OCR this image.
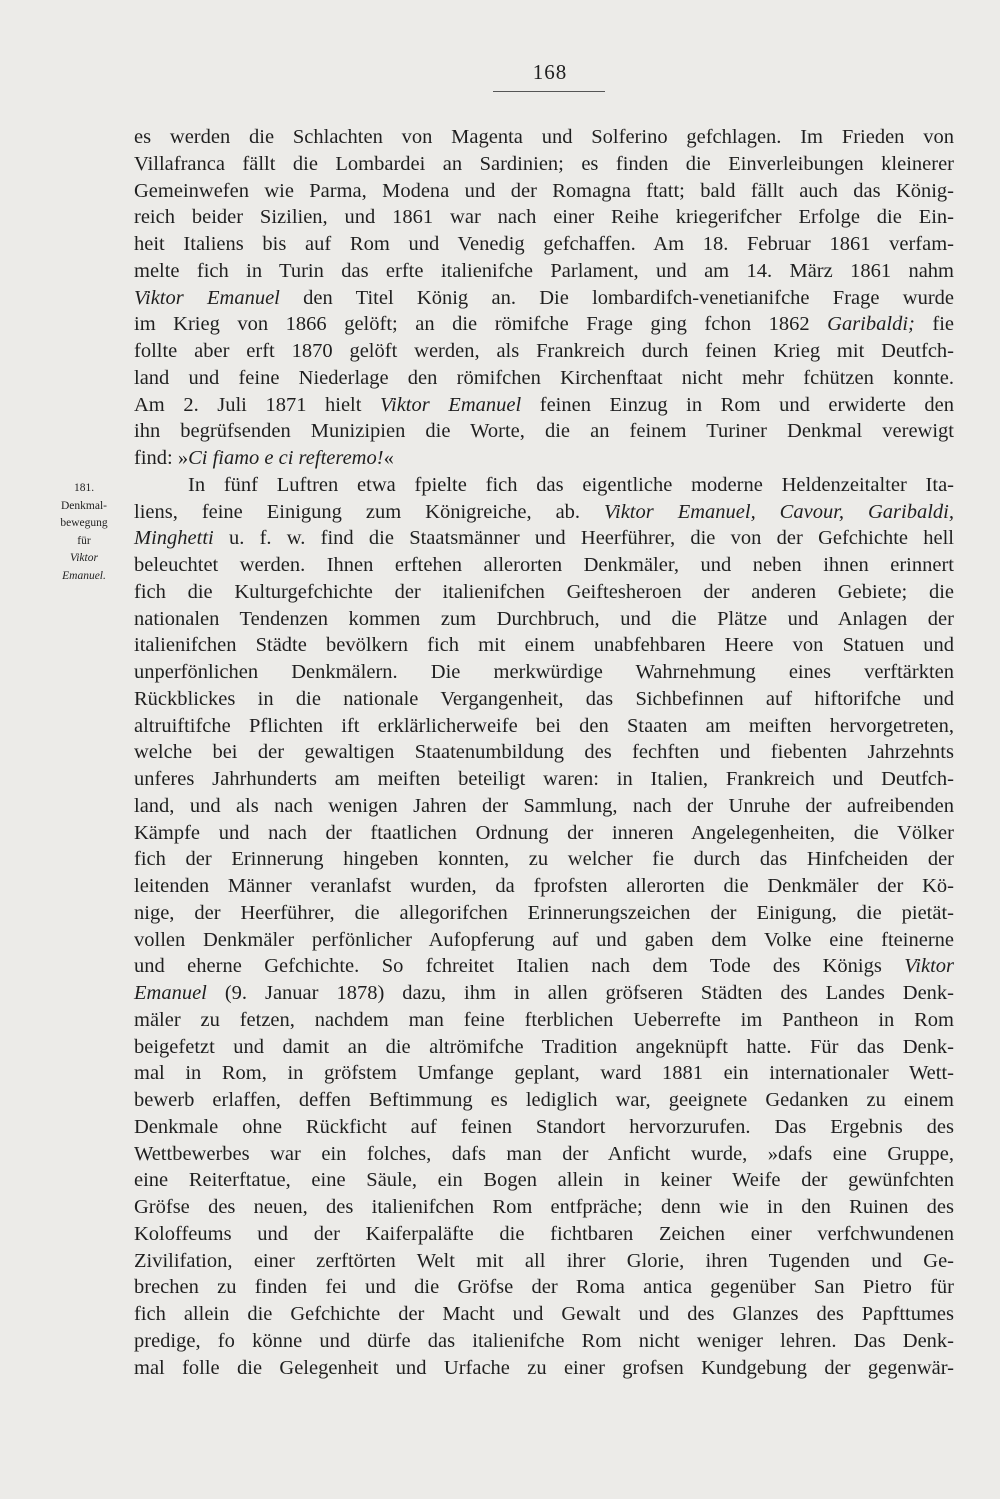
168
181.
Denkmal-
bewegung
für
Viktor
Emanuel.
es werden die Schlachten von Magenta und Solferino gefchlagen. Im Frieden von
Villafranca fällt die Lombardei an Sardinien; es finden die Einverleibungen kleinerer
Gemeinwefen wie Parma, Modena und der Romagna ftatt; bald fällt auch das König-
reich beider Sizilien, und 1861 war nach einer Reihe kriegerifcher Erfolge die Ein-
heit Italiens bis auf Rom und Venedig gefchaffen. Am 18. Februar 1861 verfam-
melte fich in Turin das erfte italienifche Parlament, und am 14. März 1861 nahm
Viktor Emanuel den Titel König an. Die lombardifch-venetianifche Frage wurde
im Krieg von 1866 gelöft; an die römifche Frage ging fchon 1862 Garibaldi; fie
follte aber erft 1870 gelöft werden, als Frankreich durch feinen Krieg mit Deutfch-
land und feine Niederlage den römifchen Kirchenftaat nicht mehr fchützen konnte.
Am 2. Juli 1871 hielt Viktor Emanuel feinen Einzug in Rom und erwiderte den
ihn begrüfsenden Munizipien die Worte, die an feinem Turiner Denkmal verewigt
find: »Ci fiamo e ci refteremo!«
In fünf Luftren etwa fpielte fich das eigentliche moderne Heldenzeitalter Ita-
liens, feine Einigung zum Königreiche, ab. Viktor Emanuel, Cavour, Garibaldi,
Minghetti u. f. w. find die Staatsmänner und Heerführer, die von der Gefchichte hell
beleuchtet werden. Ihnen erftehen allerorten Denkmäler, und neben ihnen erinnert
fich die Kulturgefchichte der italienifchen Geiftesheroen der anderen Gebiete; die
nationalen Tendenzen kommen zum Durchbruch, und die Plätze und Anlagen der
italienifchen Städte bevölkern fich mit einem unabfehbaren Heere von Statuen und
unperfönlichen Denkmälern. Die merkwürdige Wahrnehmung eines verftärkten
Rückblickes in die nationale Vergangenheit, das Sichbefinnen auf hiftorifche und
altruiftifche Pflichten ift erklärlicherweife bei den Staaten am meiften hervorgetreten,
welche bei der gewaltigen Staatenumbildung des fechften und fiebenten Jahrzehnts
unferes Jahrhunderts am meiften beteiligt waren: in Italien, Frankreich und Deutfch-
land, und als nach wenigen Jahren der Sammlung, nach der Unruhe der aufreibenden
Kämpfe und nach der ftaatlichen Ordnung der inneren Angelegenheiten, die Völker
fich der Erinnerung hingeben konnten, zu welcher fie durch das Hinfcheiden der
leitenden Männer veranlafst wurden, da fprofsten allerorten die Denkmäler der Kö-
nige, der Heerführer, die allegorifchen Erinnerungszeichen der Einigung, die pietät-
vollen Denkmäler perfönlicher Aufopferung auf und gaben dem Volke eine fteinerne
und eherne Gefchichte. So fchreitet Italien nach dem Tode des Königs Viktor
Emanuel (9. Januar 1878) dazu, ihm in allen gröfseren Städten des Landes Denk-
mäler zu fetzen, nachdem man feine fterblichen Ueberrefte im Pantheon in Rom
beigefetzt und damit an die altrömifche Tradition angeknüpft hatte. Für das Denk-
mal in Rom, in gröfstem Umfange geplant, ward 1881 ein internationaler Wett-
bewerb erlaffen, deffen Beftimmung es lediglich war, geeignete Gedanken zu einem
Denkmale ohne Rückficht auf feinen Standort hervorzurufen. Das Ergebnis des
Wettbewerbes war ein folches, dafs man der Anficht wurde, »dafs eine Gruppe,
eine Reiterftatue, eine Säule, ein Bogen allein in keiner Weife der gewünfchten
Gröfse des neuen, des italienifchen Rom entfpräche; denn wie in den Ruinen des
Koloffeums und der Kaiferpaläfte die fichtbaren Zeichen einer verfchwundenen
Zivilifation, einer zerftörten Welt mit all ihrer Glorie, ihren Tugenden und Ge-
brechen zu finden fei und die Gröfse der Roma antica gegenüber San Pietro für
fich allein die Gefchichte der Macht und Gewalt und des Glanzes des Papfttumes
predige, fo könne und dürfe das italienifche Rom nicht weniger lehren. Das Denk-
mal folle die Gelegenheit und Urfache zu einer grofsen Kundgebung der gegenwär-
